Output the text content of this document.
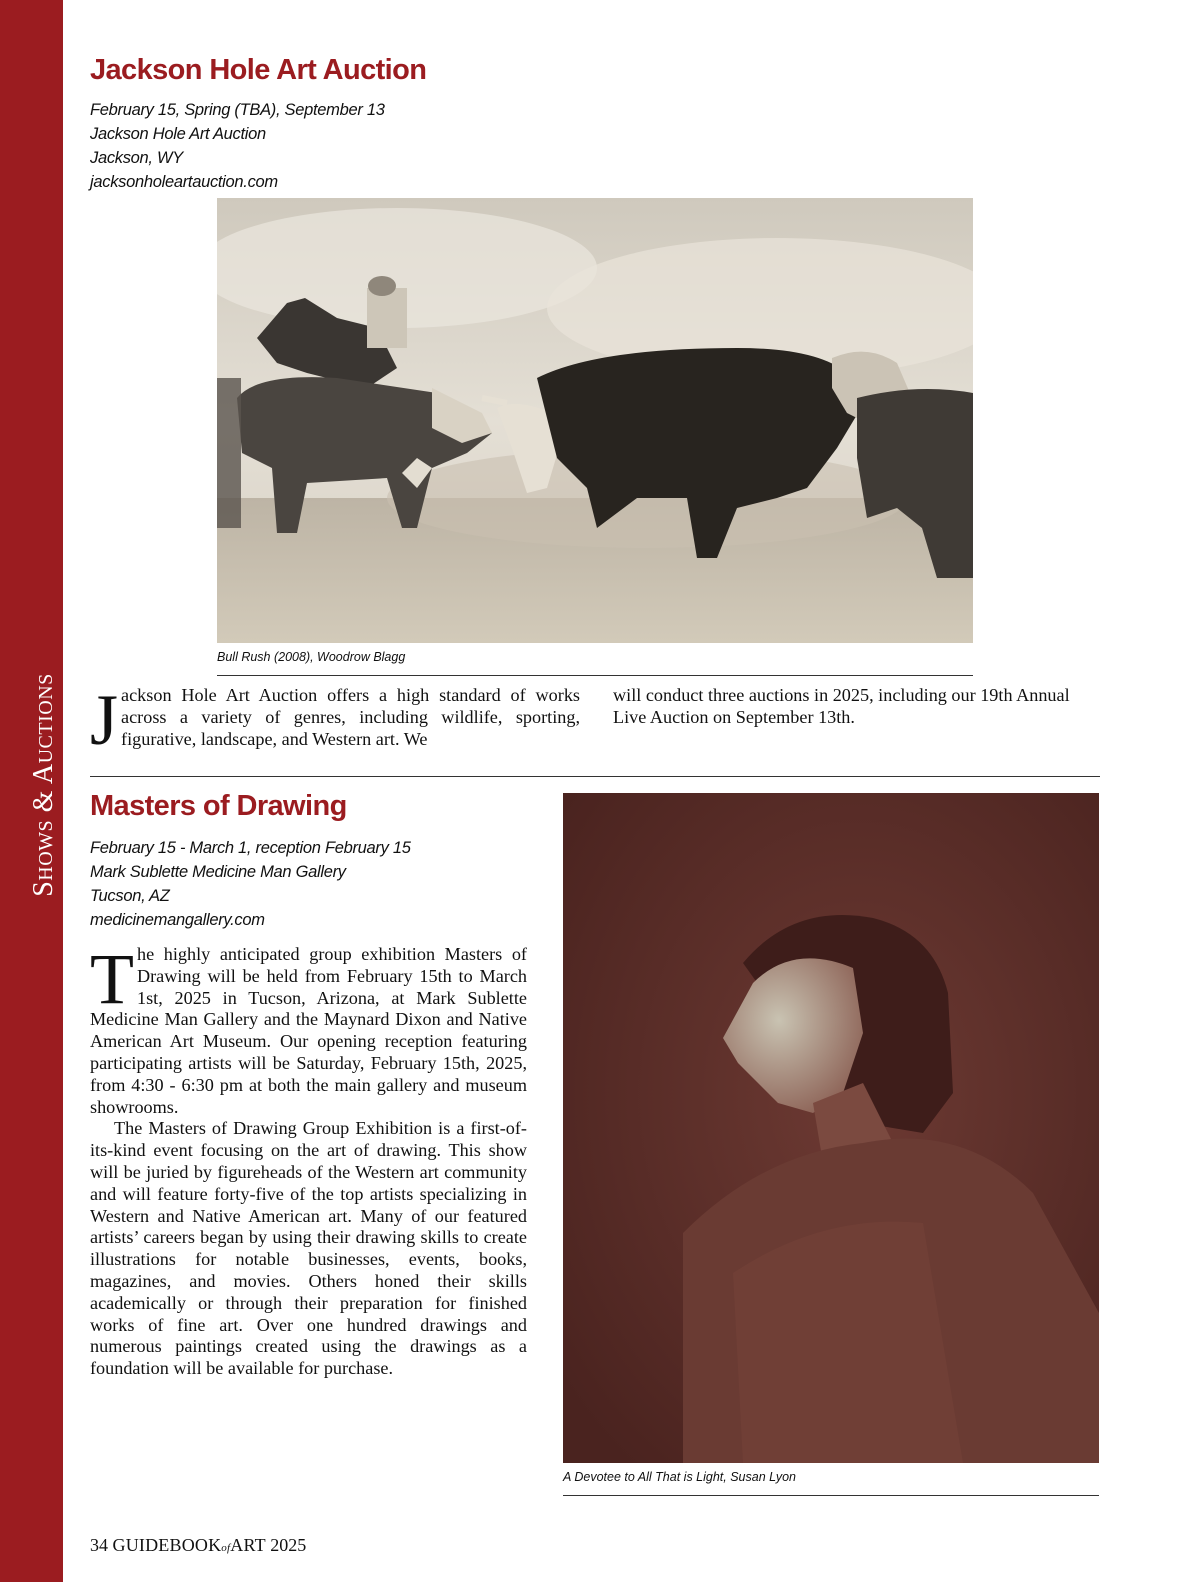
Shows & Auctions
Jackson Hole Art Auction
February 15, Spring (TBA), September 13
Jackson Hole Art Auction
Jackson, WY
jacksonholeartauction.com
Bull Rush (2008), Woodrow Blagg
J ackson Hole Art Auction offers a high standard of works across a variety of genres, including wildlife, sporting, figurative, landscape, and Western art. We
will conduct three auctions in 2025, including our 19th Annual Live Auction on September 13th.
Masters of Drawing
February 15 - March 1, reception February 15
Mark Sublette Medicine Man Gallery
Tucson, AZ
medicinemangallery.com

The highly anticipated group exhibition Masters of Drawing will be held from February 15th to March 1st, 2025 in Tucson, Arizona, at Mark Sublette Medicine Man Gallery and the Maynard Dixon and Native American Art Museum. Our opening reception featuring participating artists will be Saturday, February 15th, 2025, from 4:30 - 6:30 pm at both the main gallery and museum showrooms.

The Masters of Drawing Group Exhibition is a first-of-its-kind event focusing on the art of drawing. This show will be juried by figureheads of the Western art community and will feature forty-five of the top artists specializing in Western and Native American art. Many of our featured artists’ careers began by using their drawing skills to create illustrations for notable businesses, events, books, magazines, and movies. Others honed their skills academically or through their preparation for finished works of fine art. Over one hundred drawings and numerous paintings created using the drawings as a foundation will be available for purchase.

A Devotee to All That is Light, Susan Lyon
34 GUIDEBOOKofART 2025
